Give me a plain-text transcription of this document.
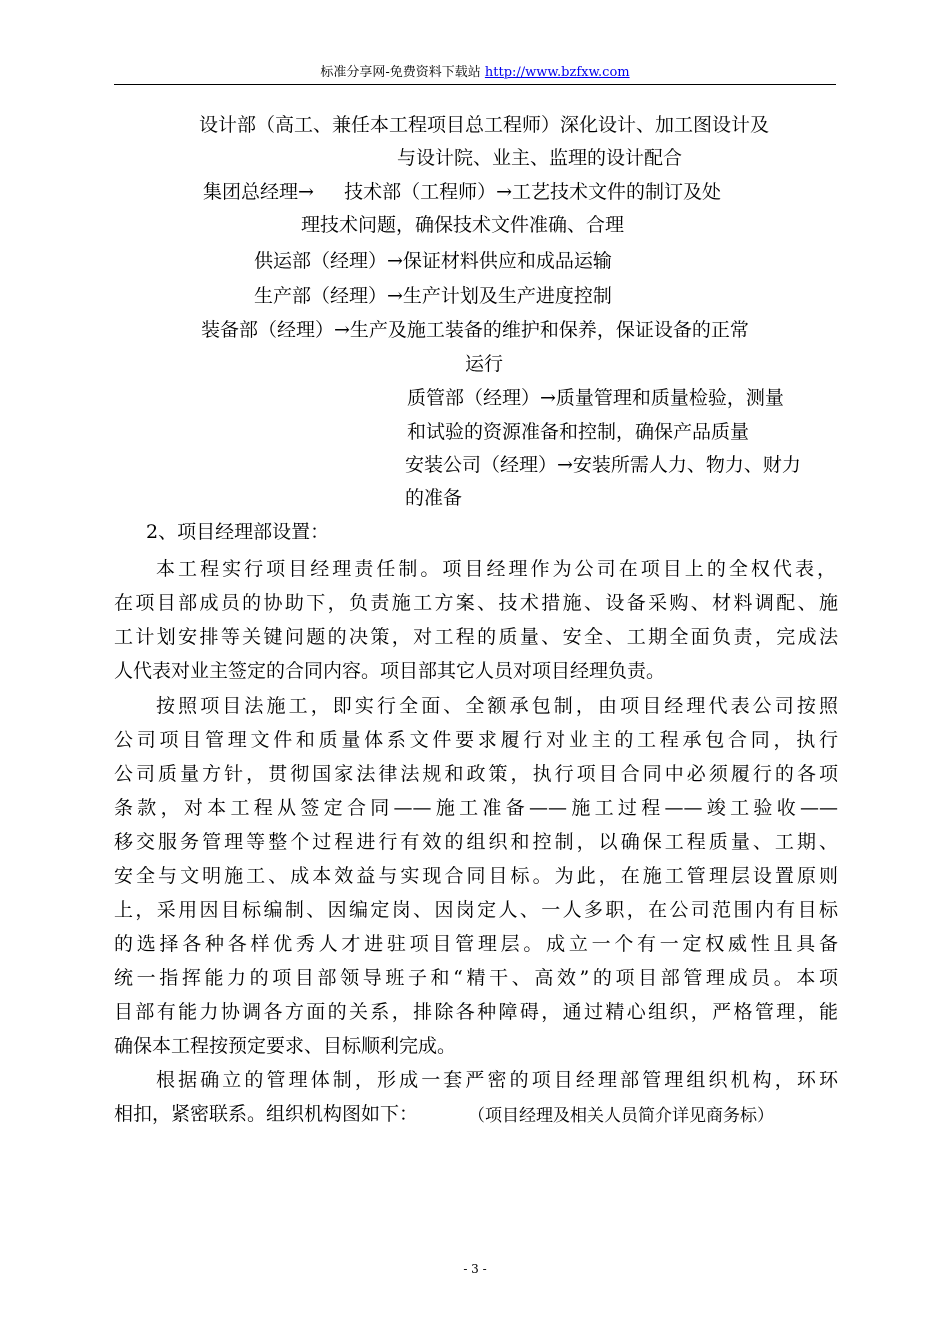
标准分享网-免费资料下载站 http://www.bzfxw.com
设计部（高工、兼任本工程项目总工程师）深化设计、加工图设计及
与设计院、业主、监理的设计配合
集团总经理→     技术部（工程师）→工艺技术文件的制订及处
理技术问题，确保技术文件准确、合理
供运部（经理）→保证材料供应和成品运输
生产部（经理）→生产计划及生产进度控制
装备部（经理）→生产及施工装备的维护和保养，保证设备的正常
运行
质管部（经理）→质量管理和质量检验，测量
和试验的资源准备和控制，确保产品质量
安装公司（经理）→安装所需人力、物力、财力
的准备
2、项目经理部设置：
本工程实行项目经理责任制。项目经理作为公司在项目上的全权代表，
在项目部成员的协助下，负责施工方案、技术措施、设备采购、材料调配、施
工计划安排等关键问题的决策，对工程的质量、安全、工期全面负责，完成法
人代表对业主签定的合同内容。项目部其它人员对项目经理负责。
按照项目法施工，即实行全面、全额承包制，由项目经理代表公司按照
公司项目管理文件和质量体系文件要求履行对业主的工程承包合同，执行
公司质量方针，贯彻国家法律法规和政策，执行项目合同中必须履行的各项
条款，对本工程从签定合同——施工准备——施工过程——竣工验收——
移交服务管理等整个过程进行有效的组织和控制，以确保工程质量、工期、
安全与文明施工、成本效益与实现合同目标。为此，在施工管理层设置原则
上，采用因目标编制、因编定岗、因岗定人、一人多职，在公司范围内有目标
的选择各种各样优秀人才进驻项目管理层。成立一个有一定权威性且具备
统一指挥能力的项目部领导班子和“精干、高效”的项目部管理成员。本项
目部有能力协调各方面的关系，排除各种障碍，通过精心组织，严格管理，能
确保本工程按预定要求、目标顺利完成。
根据确立的管理体制，形成一套严密的项目经理部管理组织机构，环环
相扣，紧密联系。组织机构图如下：	（项目经理及相关人员简介详见商务标）
- 3 -
